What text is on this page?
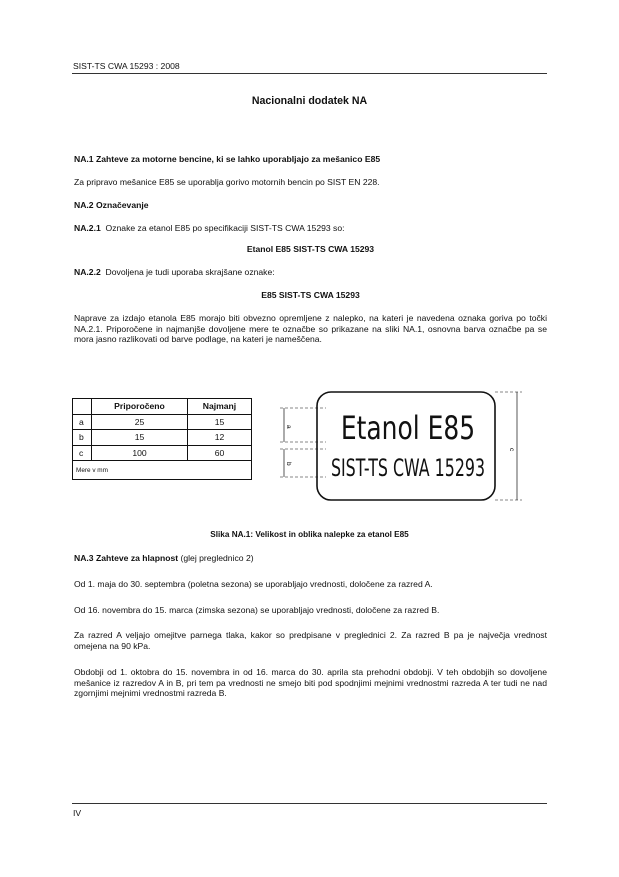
SIST-TS CWA 15293 : 2008
Nacionalni dodatek NA
NA.1 Zahteve za motorne bencine, ki se lahko uporabljajo za mešanico E85
Za pripravo mešanice E85 se uporablja gorivo motornih bencin po SIST EN 228.
NA.2 Označevanje
NA.2.1 Oznake za etanol E85 po specifikaciji SIST-TS CWA 15293 so:
Etanol E85 SIST-TS CWA 15293
NA.2.2 Dovoljena je tudi uporaba skrajšane oznake:
E85 SIST-TS CWA 15293
Naprave za izdajo etanola E85 morajo biti obvezno opremljene z nalepko, na kateri je navedena oznaka goriva po točki NA.2.1. Priporočene in najmanjše dovoljene mere te označbe so prikazane na sliki NA.1, osnovna barva označbe pa se mora jasno razlikovati od barve podlage, na kateri je nameščena.
	Priporočeno	Najmanj
a	25	15
b	15	12
c	100	60
Mere v mm		
a
b
c
Etanol E85
SIST-TS CWA 15293
Slika NA.1: Velikost in oblika nalepke za etanol E85
NA.3 Zahteve za hlapnost (glej preglednico 2)
Od 1. maja do 30. septembra (poletna sezona) se uporabljajo vrednosti, določene za razred A.
Od 16. novembra do 15. marca (zimska sezona) se uporabljajo vrednosti, določene za razred B.
Za razred A veljajo omejitve parnega tlaka, kakor so predpisane v preglednici 2. Za razred B pa je največja vrednost omejena na 90 kPa.
Obdobji od 1. oktobra do 15. novembra in od 16. marca do 30. aprila sta prehodni obdobji. V teh obdobjih so dovoljene mešanice iz razredov A in B, pri tem pa vrednosti ne smejo biti pod spodnjimi mejnimi vrednostmi razreda A ter tudi ne nad zgornjimi mejnimi vrednostmi razreda B.
IV
